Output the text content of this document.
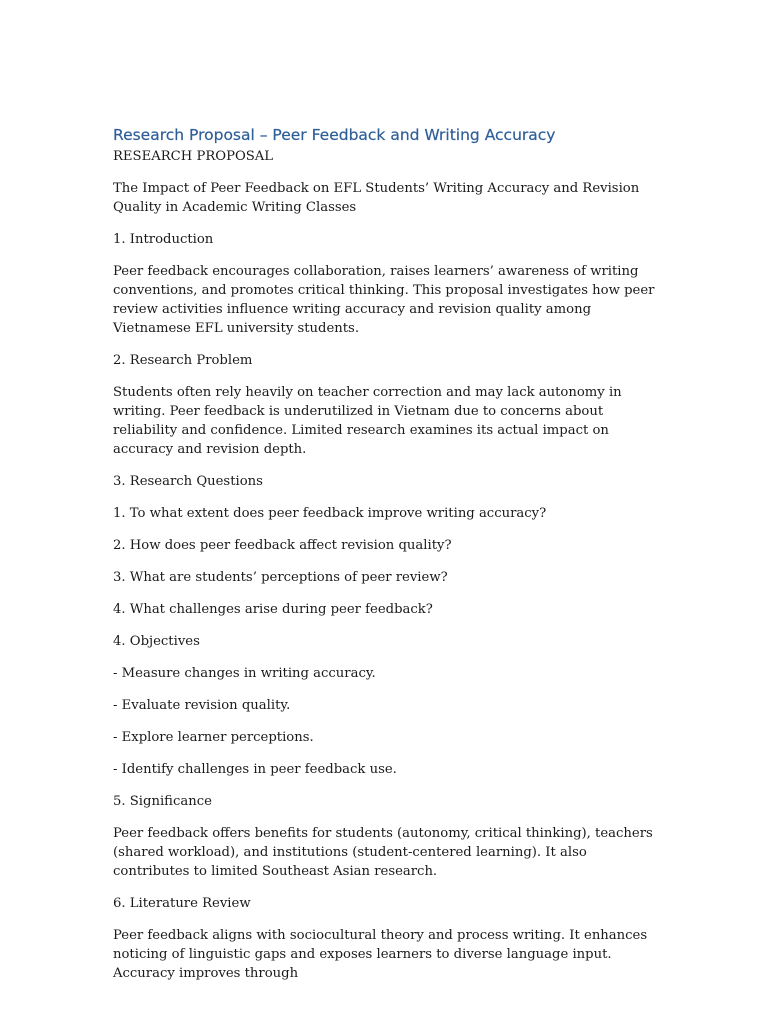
Research Proposal – Peer Feedback and Writing Accuracy

RESEARCH PROPOSAL

The Impact of Peer Feedback on EFL Students’ Writing Accuracy and Revision Quality in Academic Writing Classes

1. Introduction

Peer feedback encourages collaboration, raises learners’ awareness of writing conventions, and promotes critical thinking. This proposal investigates how peer review activities influence writing accuracy and revision quality among Vietnamese EFL university students.

2. Research Problem

Students often rely heavily on teacher correction and may lack autonomy in writing. Peer feedback is underutilized in Vietnam due to concerns about reliability and confidence. Limited research examines its actual impact on accuracy and revision depth.

3. Research Questions

1. To what extent does peer feedback improve writing accuracy?

2. How does peer feedback affect revision quality?

3. What are students’ perceptions of peer review?

4. What challenges arise during peer feedback?

4. Objectives

- Measure changes in writing accuracy.

- Evaluate revision quality.

- Explore learner perceptions.

- Identify challenges in peer feedback use.

5. Significance

Peer feedback offers benefits for students (autonomy, critical thinking), teachers (shared workload), and institutions (student-centered learning). It also contributes to limited Southeast Asian research.

6. Literature Review

Peer feedback aligns with sociocultural theory and process writing. It enhances noticing of linguistic gaps and exposes learners to diverse language input. Accuracy improves through
